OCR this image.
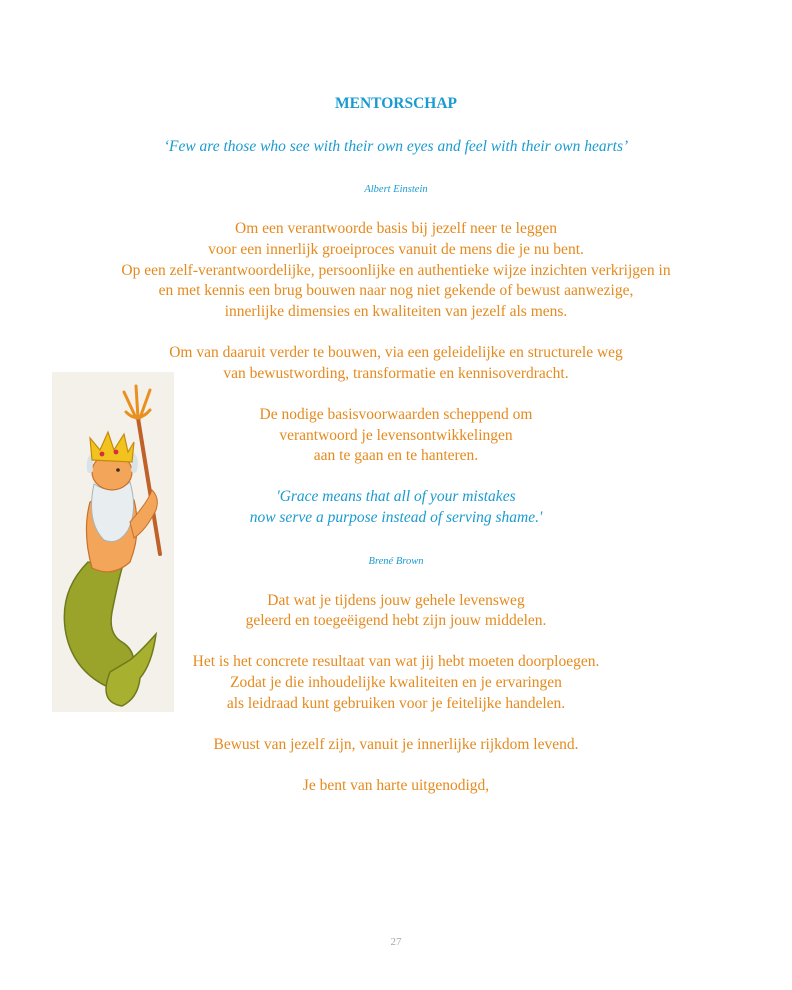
MENTORSCHAP
‘Few are those who see with their own eyes and feel with their own hearts’
Albert Einstein
Om een verantwoorde basis bij jezelf neer te leggen
voor een innerlijk groeiproces vanuit de mens die je nu bent.
Op een zelf-verantwoordelijke, persoonlijke en authentieke wijze inzichten verkrijgen in
en met kennis een brug bouwen naar nog niet gekende of bewust aanwezige,
innerlijke dimensies en kwaliteiten van jezelf als mens.
Om van daaruit verder te bouwen, via een geleidelijke en structurele weg
van bewustwording, transformatie en kennisoverdracht.
De nodige basisvoorwaarden scheppend om
verantwoord je levensontwikkelingen
aan te gaan en te hanteren.
'Grace means that all of your mistakes
now serve a purpose instead of serving shame.'
Brené Brown
Dat wat je tijdens jouw gehele levensweg
geleerd en toegeëigend hebt zijn jouw middelen.
Het is het concrete resultaat van wat jij hebt moeten doorploegen.
Zodat je die inhoudelijke kwaliteiten en je ervaringen
als leidraad kunt gebruiken voor je feitelijke handelen.
Bewust van jezelf zijn, vanuit je innerlijke rijkdom levend.
Je bent van harte uitgenodigd,
27
